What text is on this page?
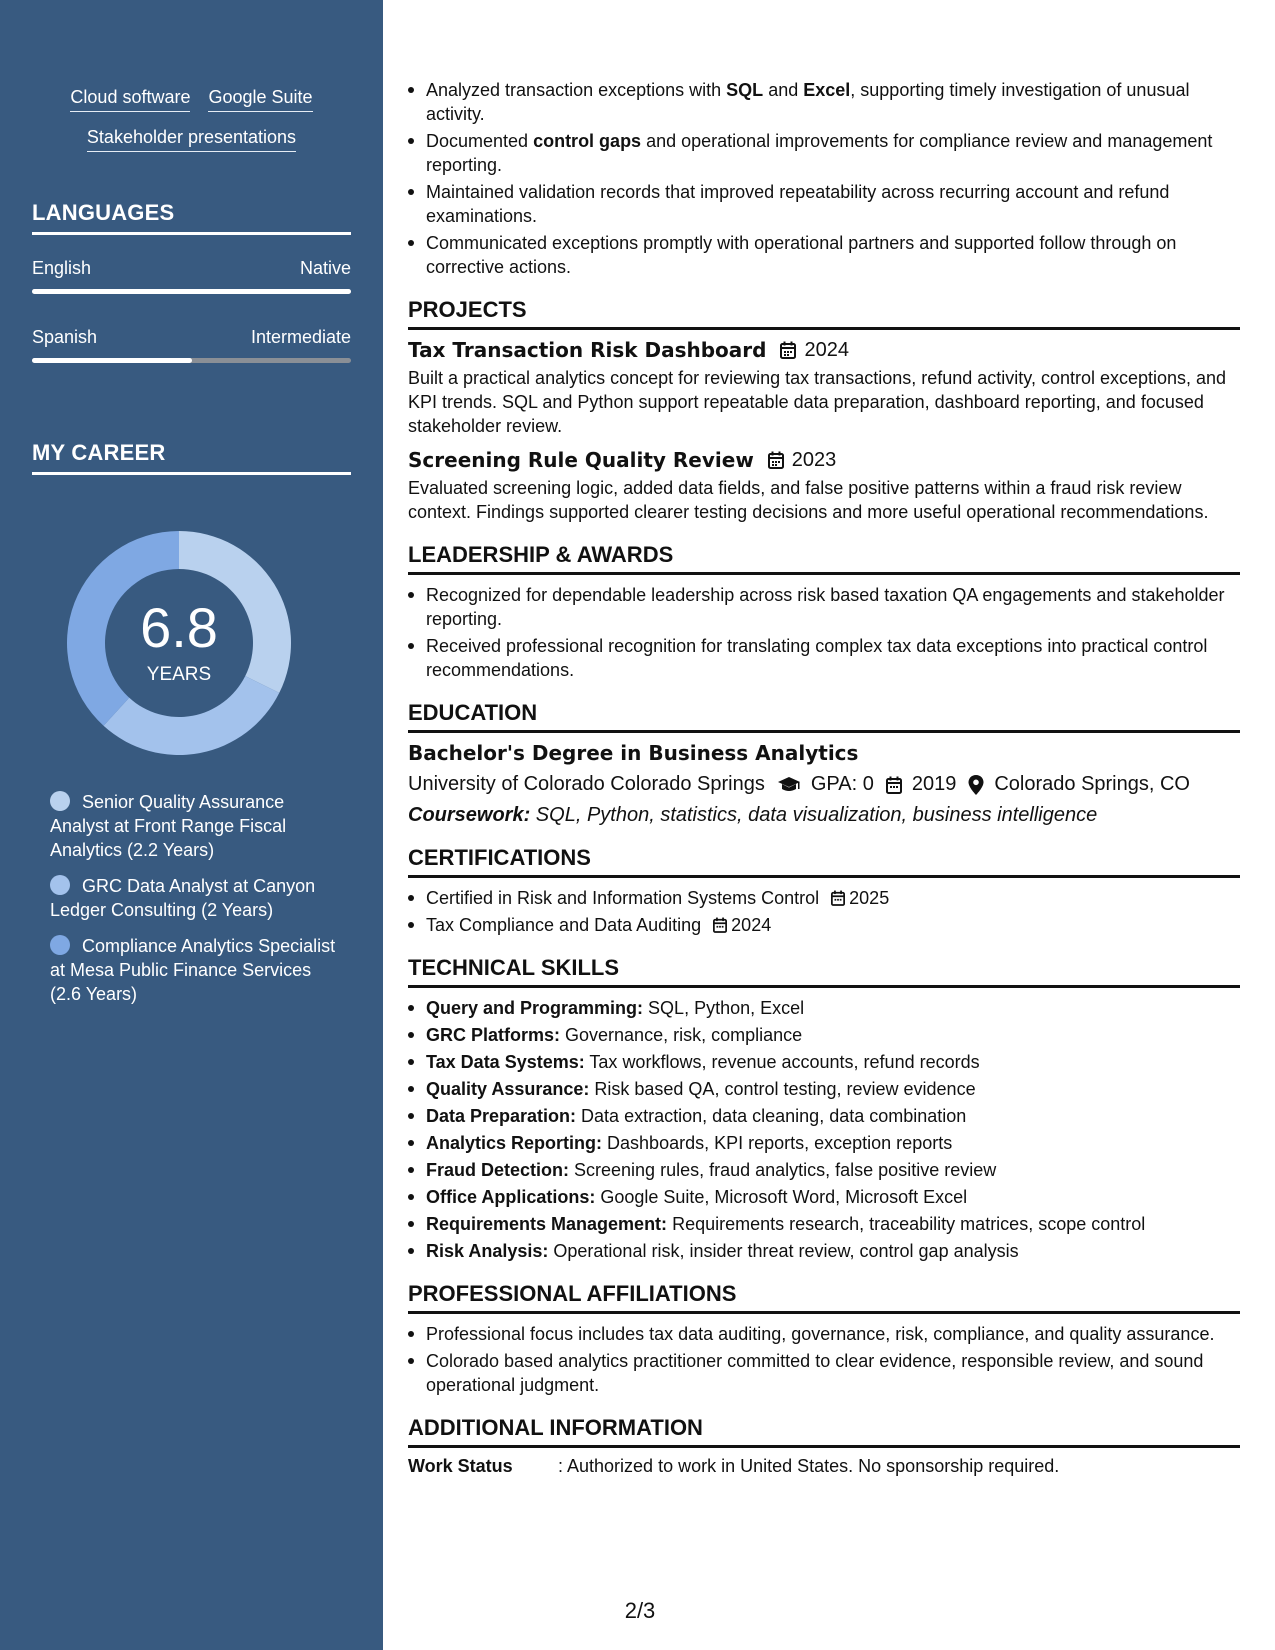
Cloud software Google Suite
Stakeholder presentations
LANGUAGES
English	Native
Spanish	Intermediate
MY CAREER
6.8
YEARS
Senior Quality Assurance Analyst at Front Range Fiscal Analytics (2.2 Years)
GRC Data Analyst at Canyon Ledger Consulting (2 Years)
Compliance Analytics Specialist at Mesa Public Finance Services (2.6 Years)
Analyzed transaction exceptions with SQL and Excel, supporting timely investigation of unusual activity.
Documented control gaps and operational improvements for compliance review and management reporting.
Maintained validation records that improved repeatability across recurring account and refund examinations.
Communicated exceptions promptly with operational partners and supported follow through on corrective actions.
PROJECTS
Tax Transaction Risk Dashboard 2024
Built a practical analytics concept for reviewing tax transactions, refund activity, control exceptions, and KPI trends. SQL and Python support repeatable data preparation, dashboard reporting, and focused stakeholder review.
Screening Rule Quality Review 2023
Evaluated screening logic, added data fields, and false positive patterns within a fraud risk review context. Findings supported clearer testing decisions and more useful operational recommendations.
LEADERSHIP & AWARDS
Recognized for dependable leadership across risk based taxation QA engagements and stakeholder reporting.
Received professional recognition for translating complex tax data exceptions into practical control recommendations.
EDUCATION
Bachelor's Degree in Business Analytics
University of Colorado Colorado Springs GPA: 0 2019 Colorado Springs, CO
Coursework: SQL, Python, statistics, data visualization, business intelligence
CERTIFICATIONS
Certified in Risk and Information Systems Control 2025
Tax Compliance and Data Auditing 2024
TECHNICAL SKILLS
Query and Programming: SQL, Python, Excel
GRC Platforms: Governance, risk, compliance
Tax Data Systems: Tax workflows, revenue accounts, refund records
Quality Assurance: Risk based QA, control testing, review evidence
Data Preparation: Data extraction, data cleaning, data combination
Analytics Reporting: Dashboards, KPI reports, exception reports
Fraud Detection: Screening rules, fraud analytics, false positive review
Office Applications: Google Suite, Microsoft Word, Microsoft Excel
Requirements Management: Requirements research, traceability matrices, scope control
Risk Analysis: Operational risk, insider threat review, control gap analysis
PROFESSIONAL AFFILIATIONS
Professional focus includes tax data auditing, governance, risk, compliance, and quality assurance.
Colorado based analytics practitioner committed to clear evidence, responsible review, and sound operational judgment.
ADDITIONAL INFORMATION
Work Status	: Authorized to work in United States. No sponsorship required.
2/3
